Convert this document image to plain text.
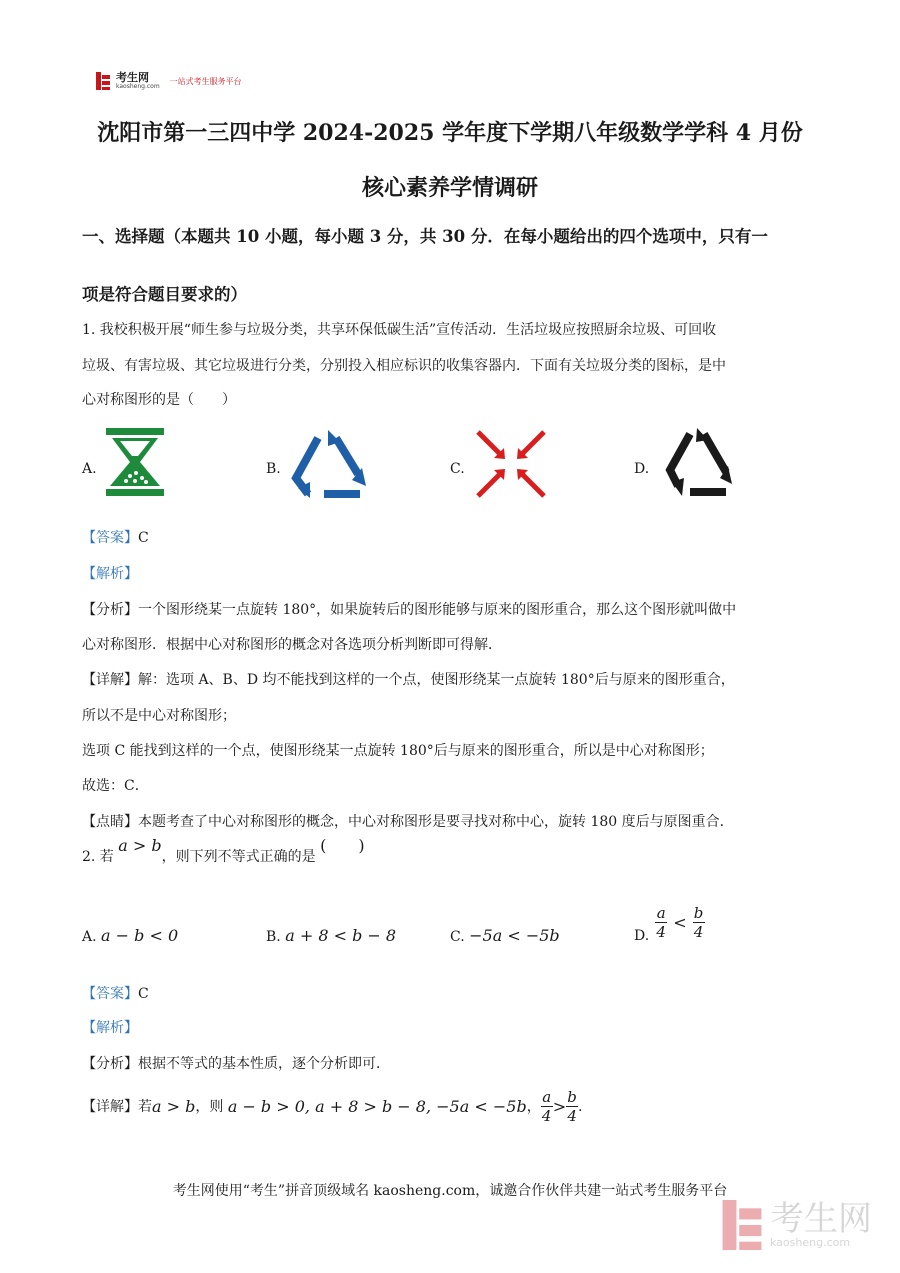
考生网
kaosheng.com
一站式考生服务平台
沈阳市第一三四中学 2024-2025 学年度下学期八年级数学学科 4 月份
核心素养学情调研
一、选择题（本题共 10 小题，每小题 3 分，共 30 分．在每小题给出的四个选项中，只有一
项是符合题目要求的）
1. 我校积极开展“师生参与垃圾分类，共享环保低碳生活”宣传活动．生活垃圾应按照厨余垃圾、可回收
垃圾、有害垃圾、其它垃圾进行分类，分别投入相应标识的收集容器内．下面有关垃圾分类的图标，是中
心对称图形的是（　　）
A.	B.	C.	D.
【答案】C
【解析】
【分析】一个图形绕某一点旋转 180°，如果旋转后的图形能够与原来的图形重合，那么这个图形就叫做中
心对称图形．根据中心对称图形的概念对各选项分析判断即可得解．
【详解】解：选项 A、B、D 均不能找到这样的一个点，使图形绕某一点旋转 180°后与原来的图形重合，
所以不是中心对称图形；
选项 C 能找到这样的一个点，使图形绕某一点旋转 180°后与原来的图形重合，所以是中心对称图形；
故选：C．
【点睛】本题考查了中心对称图形的概念，中心对称图形是要寻找对称中心，旋转 180 度后与原图重合．
2. 若 a > b，则下列不等式正确的是 (　　)
A. a − b < 0	B. a + 8 < b − 8	C. −5a < −5b	D. $\frac{a}{4} < \frac{b}{4}$
【答案】C
【解析】
【分析】根据不等式的基本性质，逐个分析即可．
【详解】 若 a > b ，则
a − b > 0, a + 8 > b − 8, −5a < −5b ， $\frac{a}{4} > \frac{b}{4}$ ．
考生网使用“考生”拼音顶级域名 kaosheng.com，诚邀合作伙伴共建一站式考生服务平台
考生网
kaosheng.com
